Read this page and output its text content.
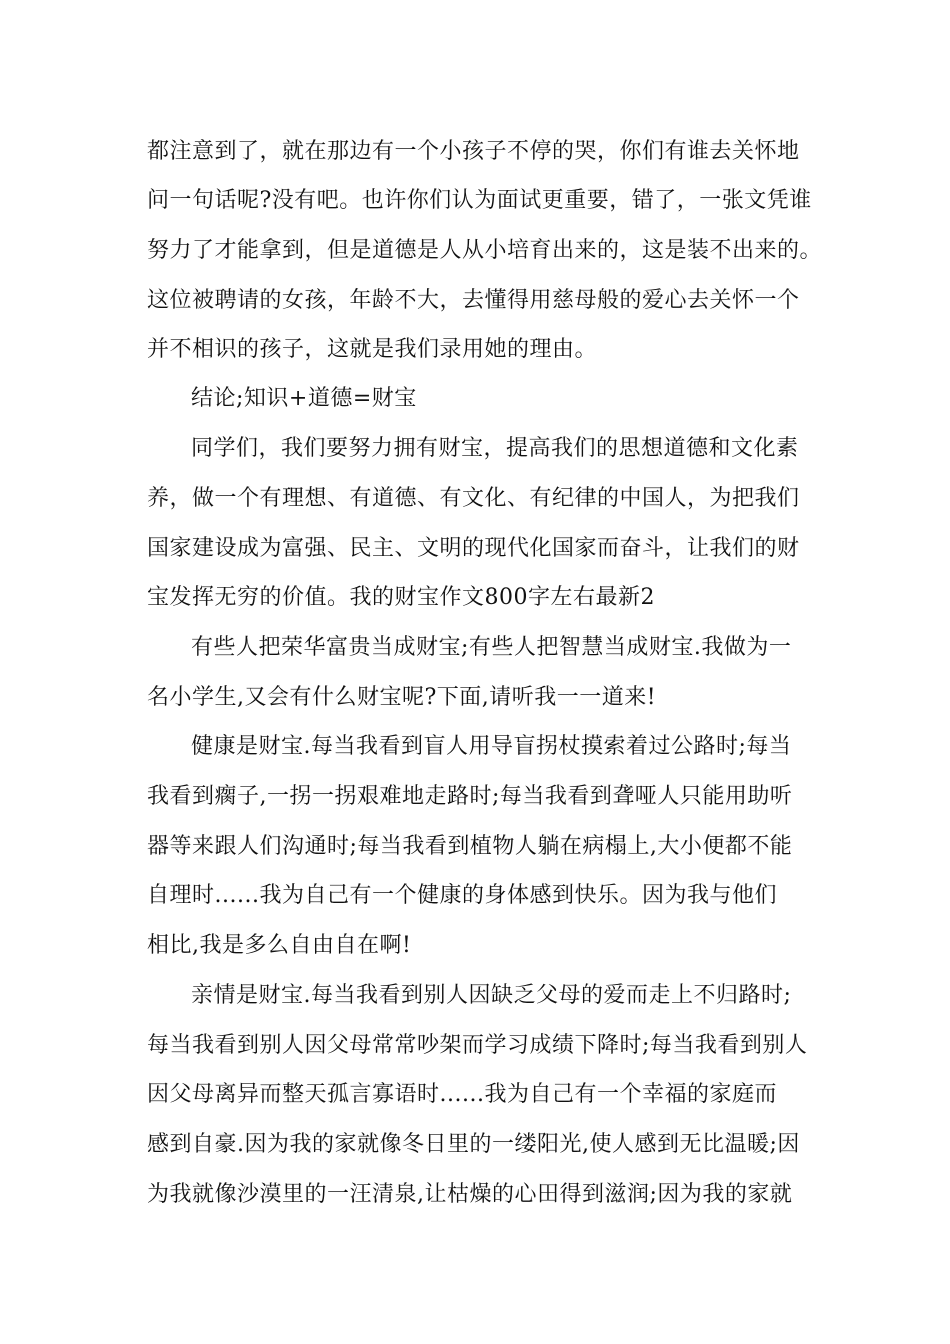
都注意到了，就在那边有一个小孩子不停的哭，你们有谁去关怀地

问一句话呢?没有吧。也许你们认为面试更重要，错了，一张文凭谁

努力了才能拿到，但是道德是人从小培育出来的，这是装不出来的。

这位被聘请的女孩，年龄不大，去懂得用慈母般的爱心去关怀一个

并不相识的孩子，这就是我们录用她的理由。

结论;知识+道德=财宝

同学们，我们要努力拥有财宝，提高我们的思想道德和文化素

养，做一个有理想、有道德、有文化、有纪律的中国人，为把我们

国家建设成为富强、民主、文明的现代化国家而奋斗，让我们的财

宝发挥无穷的价值。我的财宝作文800字左右最新2

有些人把荣华富贵当成财宝;有些人把智慧当成财宝.我做为一

名小学生,又会有什么财宝呢?下面,请听我一一道来!

健康是财宝.每当我看到盲人用导盲拐杖摸索着过公路时;每当

我看到瘸子,一拐一拐艰难地走路时;每当我看到聋哑人只能用助听

器等来跟人们沟通时;每当我看到植物人躺在病榻上,大小便都不能

自理时......我为自己有一个健康的身体感到快乐。因为我与他们

相比,我是多么自由自在啊!

亲情是财宝.每当我看到别人因缺乏父母的爱而走上不归路时;

每当我看到别人因父母常常吵架而学习成绩下降时;每当我看到别人

因父母离异而整天孤言寡语时......我为自己有一个幸福的家庭而

感到自豪.因为我的家就像冬日里的一缕阳光,使人感到无比温暖;因

为我就像沙漠里的一汪清泉,让枯燥的心田得到滋润;因为我的家就
